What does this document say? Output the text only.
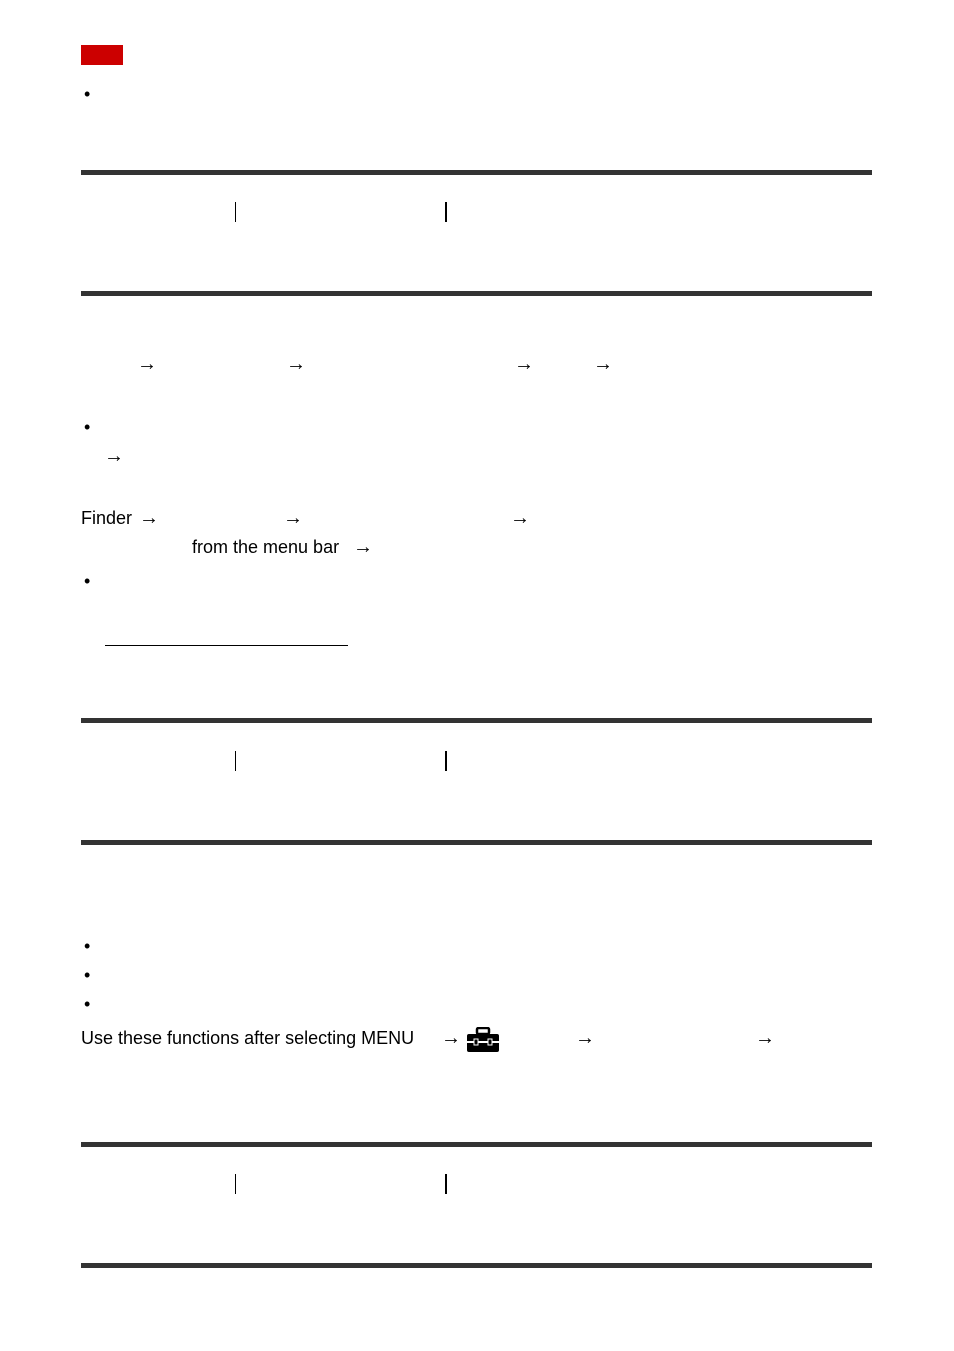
•
→	→	→	→
•
→
Finder →	→	→
from the menu bar →
•
•
•
•
Use these functions after selecting MENU →	→	→
